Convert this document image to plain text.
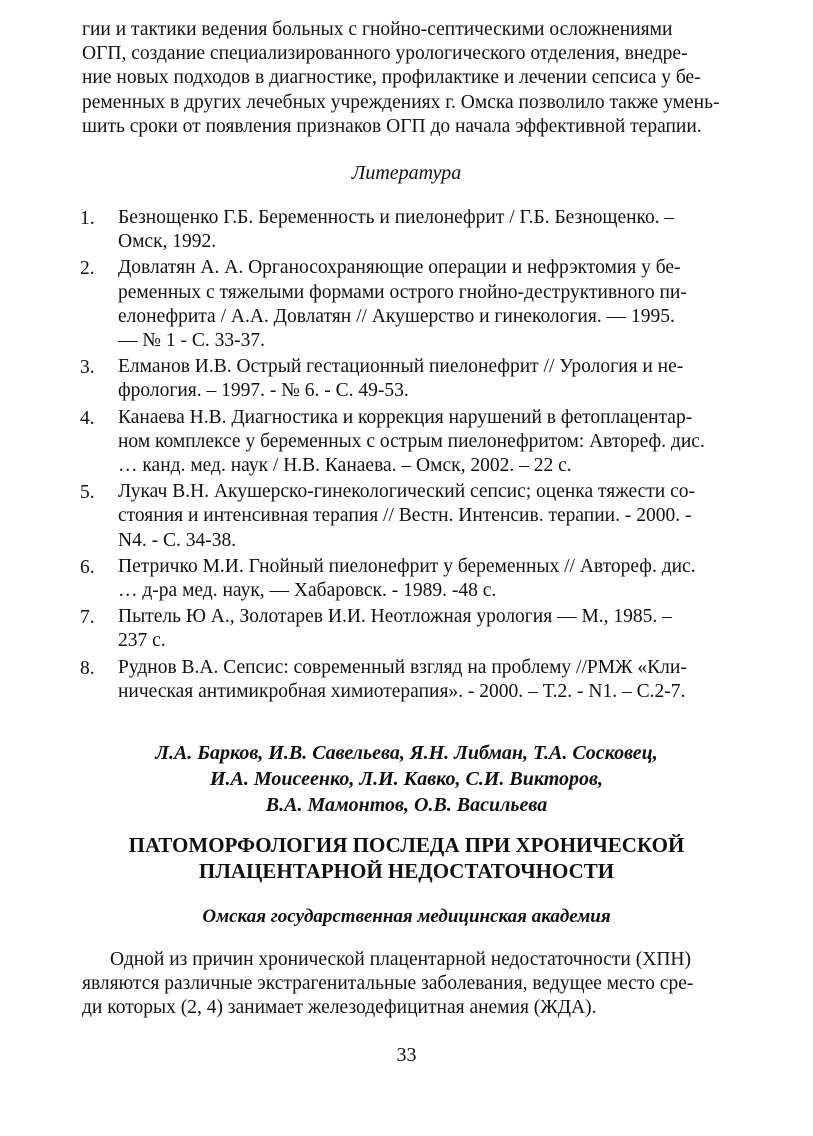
гии и тактики ведения больных с гнойно-септическими осложнениями
ОГП, создание специализированного урологического отделения, внедре-
ние новых подходов в диагностике, профилактике и лечении сепсиса у бе-
ременных в других лечебных учреждениях г. Омска позволило также умень-
шить сроки от появления признаков ОГП до начала эффективной терапии.
Литература
1. Безнощенко Г.Б. Беременность и пиелонефрит / Г.Б. Безнощенко. –
Омск, 1992.
2. Довлатян А. А. Органосохраняющие операции и нефрэктомия у бе-
ременных с тяжелыми формами острого гнойно-деструктивного пи-
елонефрита / А.А. Довлатян // Акушерство и гинекология. — 1995.
— № 1 - С. 33-37.
3. Елманов И.В. Острый гестационный пиелонефрит // Урология и не-
фрология. – 1997. - № 6. - С. 49-53.
4. Канаева Н.В. Диагностика и коррекция нарушений в фетоплацентар-
ном комплексе у беременных с острым пиелонефритом: Автореф. дис.
… канд. мед. наук / Н.В. Канаева. – Омск, 2002. – 22 с.
5. Лукач В.Н. Акушерско-гинекологический сепсис; оценка тяжести со-
стояния и интенсивная терапия // Вестн. Интенсив. терапии. - 2000. -
N4. - С. 34-38.
6. Петричко М.И. Гнойный пиелонефрит у беременных // Автореф. дис.
… д-ра мед. наук, — Хабаровск. - 1989. -48 с.
7. Пытель Ю А., Золотарев И.И. Неотложная урология — М., 1985. –
237 с.
8. Руднов В.А. Сепсис: современный взгляд на проблему //РМЖ «Кли-
ническая антимикробная химиотерапия». - 2000. – Т.2. - N1. – С.2-7.
Л.А. Барков, И.В. Савельева, Я.Н. Либман, Т.А. Сосковец,
И.А. Моисеенко, Л.И. Кавко, С.И. Викторов,
В.А. Мамонтов, О.В. Васильева
ПАТОМОРФОЛОГИЯ ПОСЛЕДА ПРИ ХРОНИЧЕСКОЙ
ПЛАЦЕНТАРНОЙ НЕДОСТАТОЧНОСТИ
Омская государственная медицинская академия
Одной из причин хронической плацентарной недостаточности (ХПН)
являются различные экстрагенитальные заболевания, ведущее место сре-
ди которых (2, 4) занимает железодефицитная анемия (ЖДА).
33
